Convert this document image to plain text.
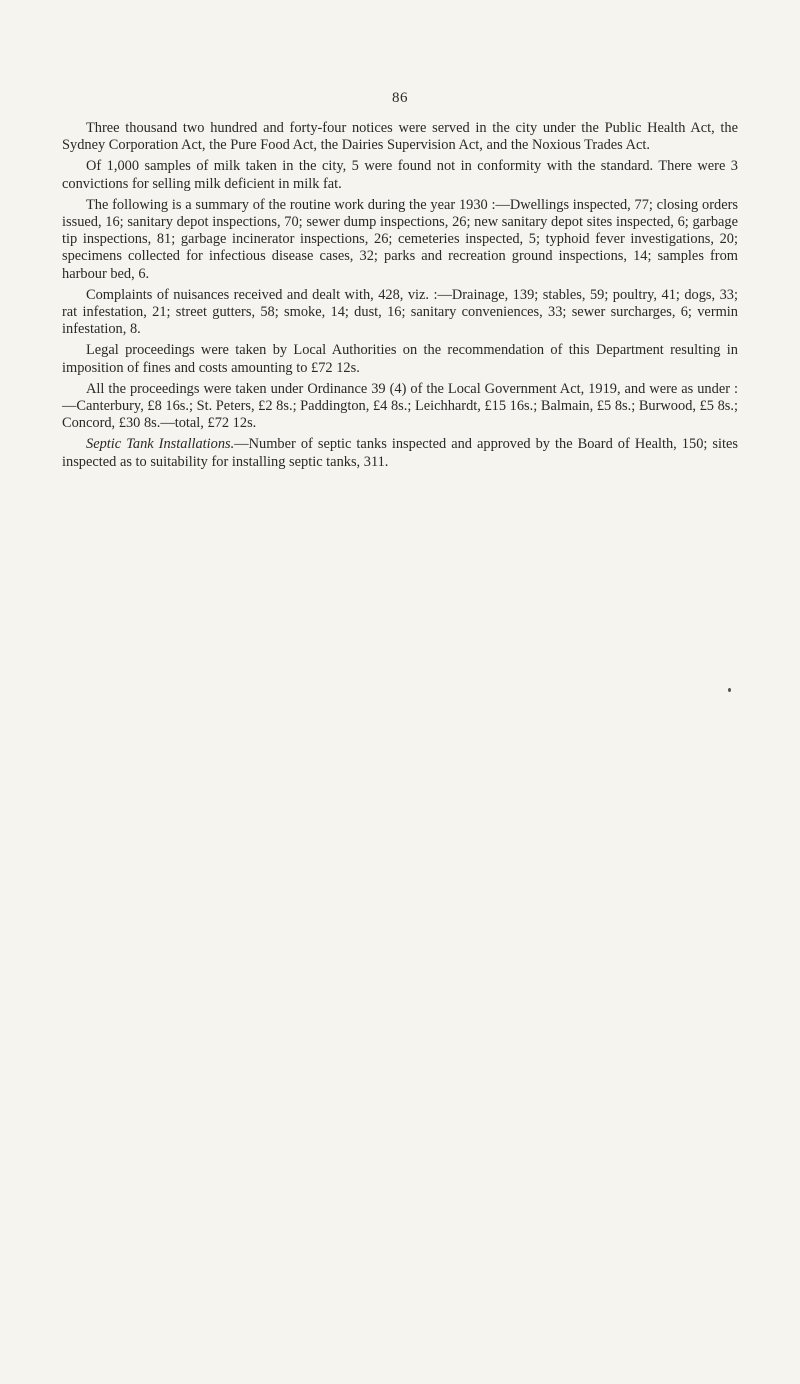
86

Three thousand two hundred and forty-four notices were served in the city under the Public Health Act, the Sydney Corporation Act, the Pure Food Act, the Dairies Supervision Act, and the Noxious Trades Act.

Of 1,000 samples of milk taken in the city, 5 were found not in conformity with the standard. There were 3 convictions for selling milk deficient in milk fat.

The following is a summary of the routine work during the year 1930 :—Dwellings inspected, 77; closing orders issued, 16; sanitary depot inspections, 70; sewer dump inspections, 26; new sanitary depot sites inspected, 6; garbage tip inspections, 81; garbage incinerator inspections, 26; cemeteries inspected, 5; typhoid fever investigations, 20; specimens collected for infectious disease cases, 32; parks and recreation ground inspections, 14; samples from harbour bed, 6.

Complaints of nuisances received and dealt with, 428, viz. :—Drainage, 139; stables, 59; poultry, 41; dogs, 33; rat infestation, 21; street gutters, 58; smoke, 14; dust, 16; sanitary conveniences, 33; sewer surcharges, 6; vermin infestation, 8.

Legal proceedings were taken by Local Authorities on the recommendation of this Department resulting in imposition of fines and costs amounting to £72 12s.

All the proceedings were taken under Ordinance 39 (4) of the Local Government Act, 1919, and were as under :—Canterbury, £8 16s.; St. Peters, £2 8s.; Paddington, £4 8s.; Leichhardt, £15 16s.; Balmain, £5 8s.; Burwood, £5 8s.; Concord, £30 8s.—total, £72 12s.

Septic Tank Installations.—Number of septic tanks inspected and approved by the Board of Health, 150; sites inspected as to suitability for installing septic tanks, 311.
